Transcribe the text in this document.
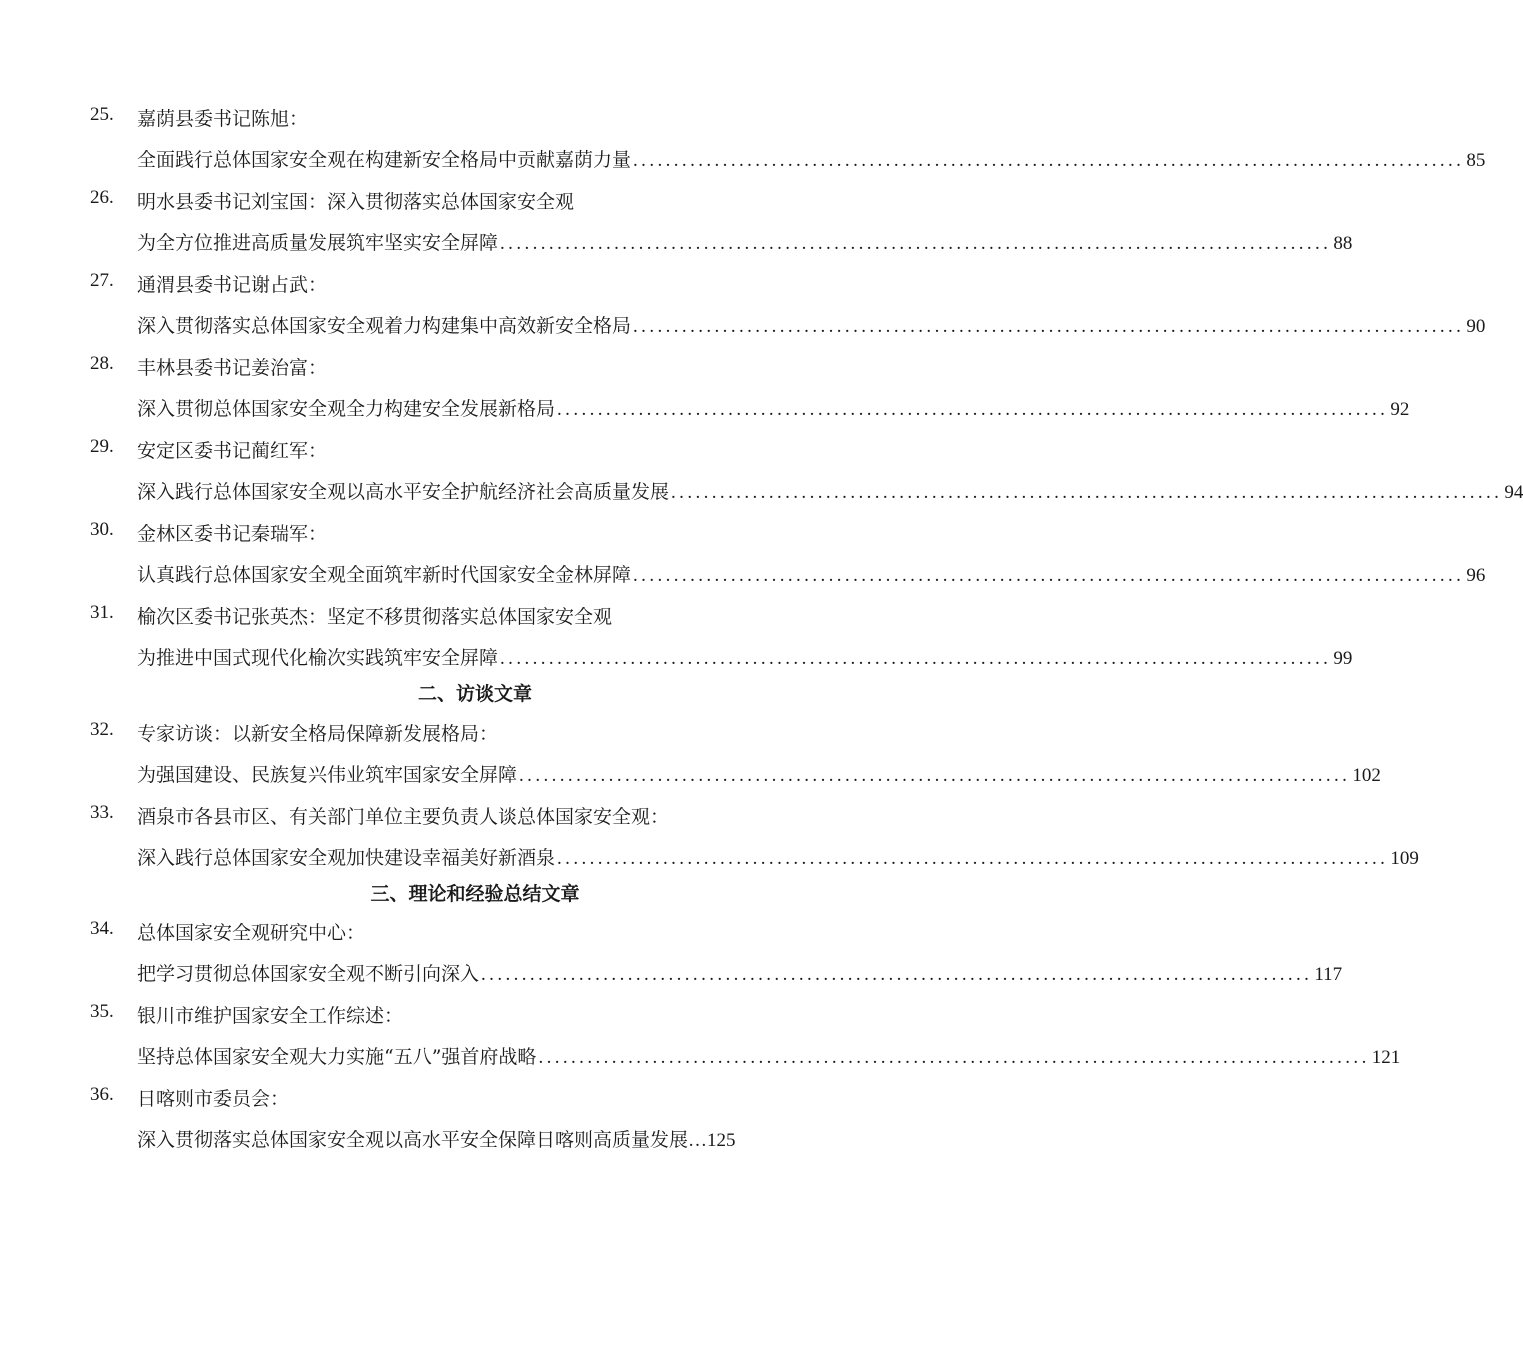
25.	嘉荫县委书记陈旭：
全面践行总体国家安全观在构建新安全格局中贡献嘉荫力量 ...................................................................................................... 85
26.	明水县委书记刘宝国：深入贯彻落实总体国家安全观
为全方位推进高质量发展筑牢坚实安全屏障 ...................................................................................................... 88
27.	通渭县委书记谢占武：
深入贯彻落实总体国家安全观着力构建集中高效新安全格局 ...................................................................................................... 90
28.	丰林县委书记姜治富：
深入贯彻总体国家安全观全力构建安全发展新格局 ...................................................................................................... 92
29.	安定区委书记蔺红军：
深入践行总体国家安全观以高水平安全护航经济社会高质量发展 ...................................................................................................... 94
30.	金林区委书记秦瑞军：
认真践行总体国家安全观全面筑牢新时代国家安全金林屏障 ...................................................................................................... 96
31.	榆次区委书记张英杰：坚定不移贯彻落实总体国家安全观
为推进中国式现代化榆次实践筑牢安全屏障 ...................................................................................................... 99
二、访谈文章
32.	专家访谈：以新安全格局保障新发展格局：
为强国建设、民族复兴伟业筑牢国家安全屏障 ...................................................................................................... 102
33.	酒泉市各县市区、有关部门单位主要负责人谈总体国家安全观：
深入践行总体国家安全观加快建设幸福美好新酒泉 ...................................................................................................... 109
三、理论和经验总结文章
34.	总体国家安全观研究中心：
把学习贯彻总体国家安全观不断引向深入 ...................................................................................................... 117
35.	银川市维护国家安全工作综述：
坚持总体国家安全观大力实施“五八”强首府战略 ...................................................................................................... 121
36.	日喀则市委员会：
深入贯彻落实总体国家安全观以高水平安全保障日喀则高质量发展 … 125
